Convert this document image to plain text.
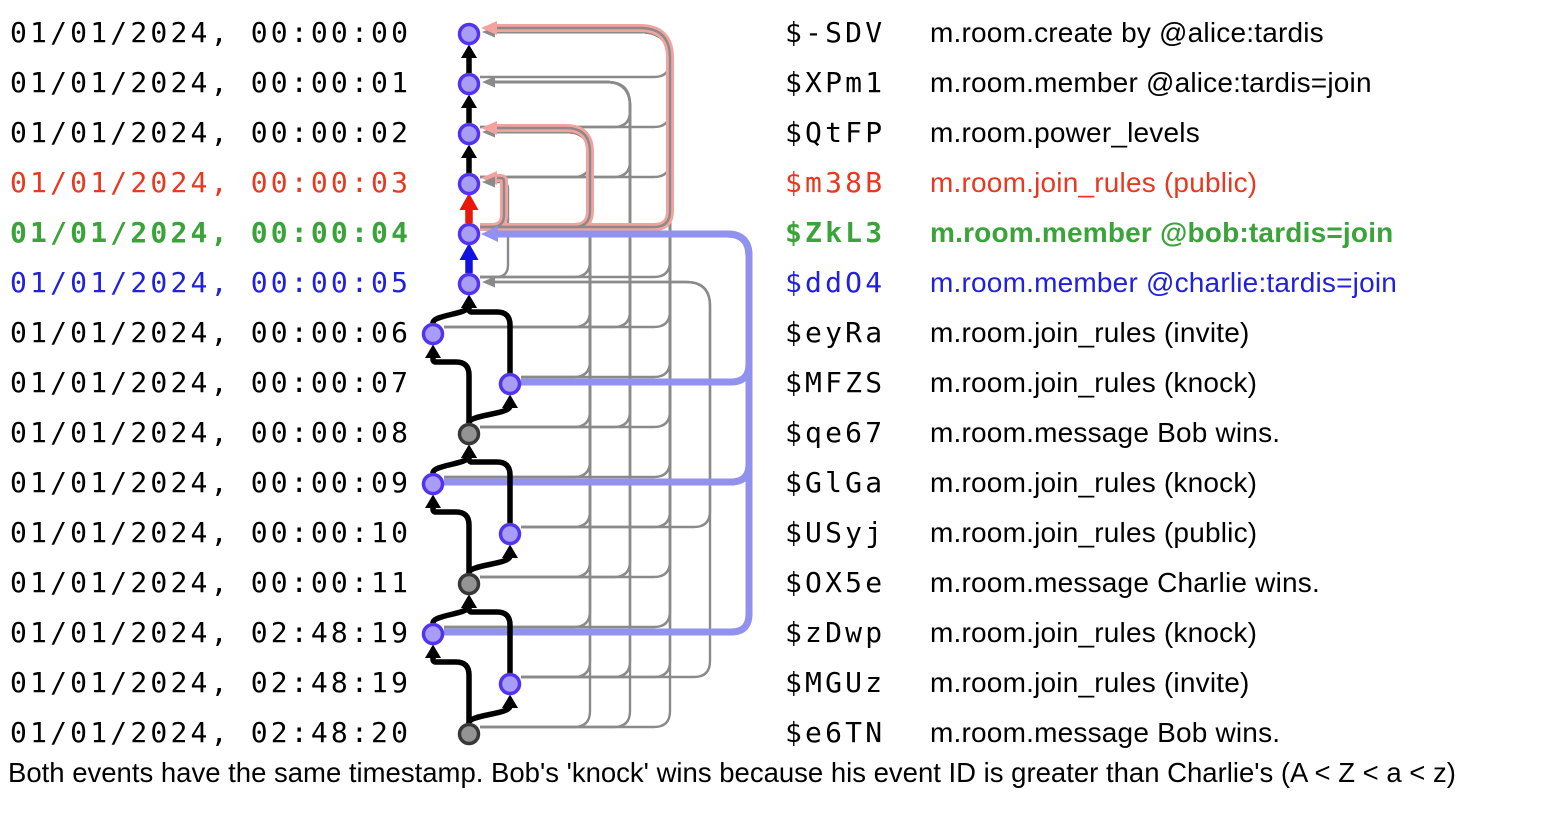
01/01/2024, 00:00:00
01/01/2024, 00:00:01
01/01/2024, 00:00:02
01/01/2024, 00:00:03
01/01/2024, 00:00:04
01/01/2024, 00:00:05
01/01/2024, 00:00:06
01/01/2024, 00:00:07
01/01/2024, 00:00:08
01/01/2024, 00:00:09
01/01/2024, 00:00:10
01/01/2024, 00:00:11
01/01/2024, 02:48:19
01/01/2024, 02:48:19
01/01/2024, 02:48:20
$-SDV
$XPm1
$QtFP
$m38B
$ZkL3
$ddO4
$eyRa
$MFZS
$qe67
$GlGa
$USyj
$OX5e
$zDwp
$MGUz
$e6TN
m.room.create by @alice:tardis
m.room.member @alice:tardis=join
m.room.power_levels
m.room.join_rules (public)
m.room.member @bob:tardis=join
m.room.member @charlie:tardis=join
m.room.join_rules (invite)
m.room.join_rules (knock)
m.room.message Bob wins.
m.room.join_rules (knock)
m.room.join_rules (public)
m.room.message Charlie wins.
m.room.join_rules (knock)
m.room.join_rules (invite)
m.room.message Bob wins.
Both events have the same timestamp. Bob's 'knock' wins because his event ID is greater than Charlie's (A < Z < a < z)
